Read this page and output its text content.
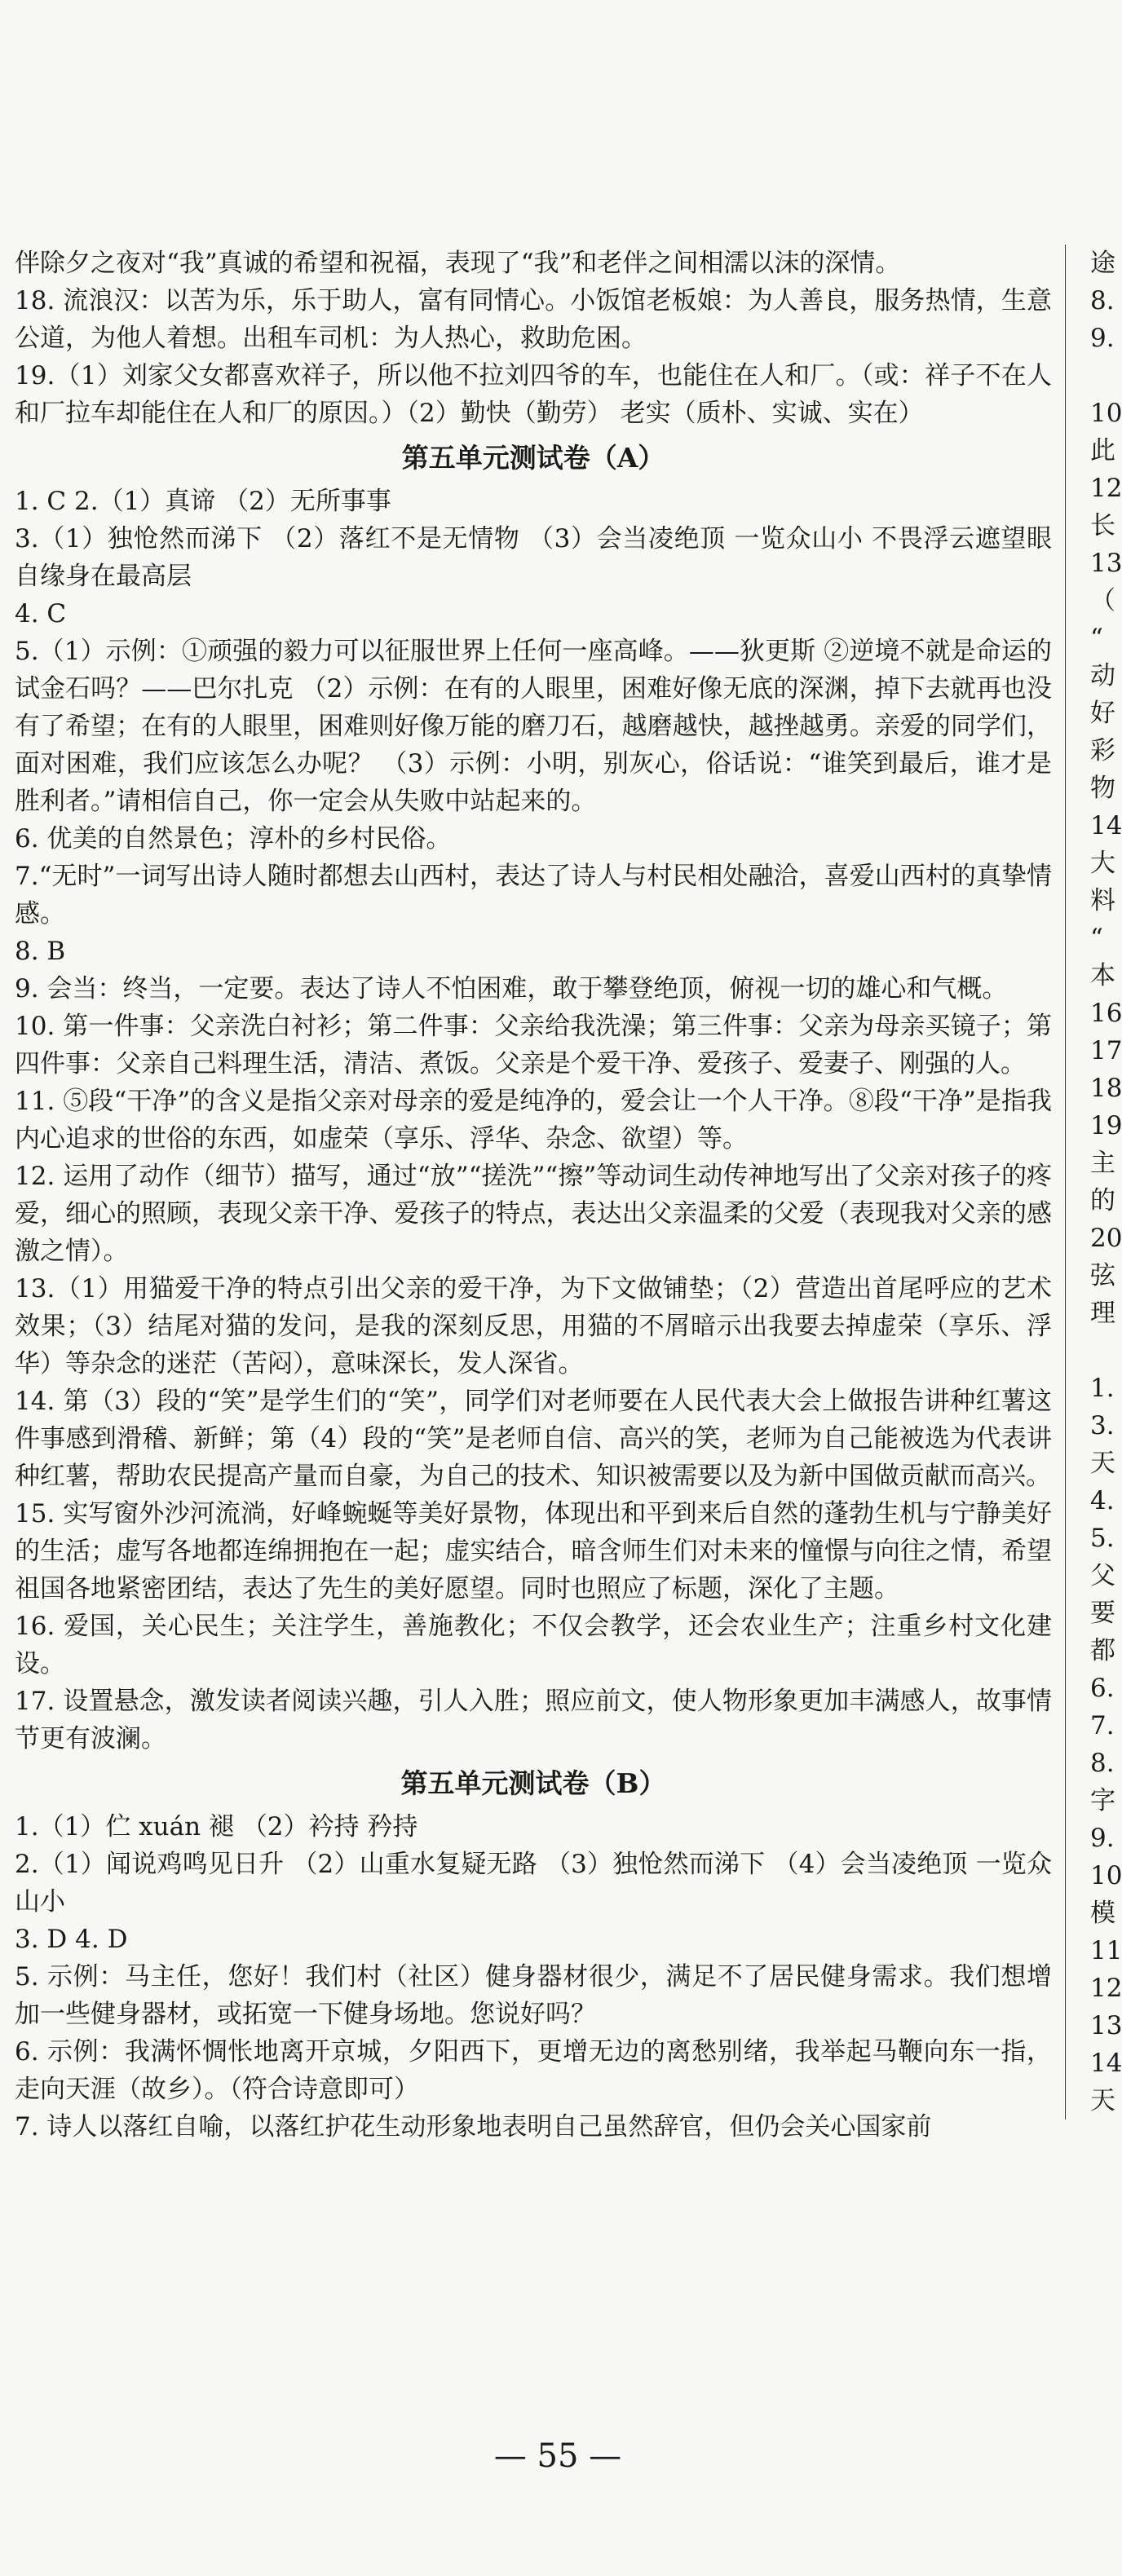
伴除夕之夜对“我”真诚的希望和祝福，表现了“我”和老伴之间相濡以沫的深情。

18. 流浪汉：以苦为乐，乐于助人，富有同情心。小饭馆老板娘：为人善良，服务热情，生意公道，为他人着想。出租车司机：为人热心，救助危困。

19.（1）刘家父女都喜欢祥子，所以他不拉刘四爷的车，也能住在人和厂。（或：祥子不在人和厂拉车却能住在人和厂的原因。）（2）勤快（勤劳） 老实（质朴、实诚、实在）

第五单元测试卷（A）

1. C 2.（1）真谛 （2）无所事事

3.（1）独怆然而涕下 （2）落红不是无情物 （3）会当凌绝顶 一览众山小 不畏浮云遮望眼 自缘身在最高层

4. C

5.（1）示例：①顽强的毅力可以征服世界上任何一座高峰。——狄更斯 ②逆境不就是命运的试金石吗？——巴尔扎克 （2）示例：在有的人眼里，困难好像无底的深渊，掉下去就再也没有了希望；在有的人眼里，困难则好像万能的磨刀石，越磨越快，越挫越勇。亲爱的同学们，面对困难，我们应该怎么办呢？ （3）示例：小明，别灰心，俗话说：“谁笑到最后，谁才是胜利者。”请相信自己，你一定会从失败中站起来的。

6. 优美的自然景色；淳朴的乡村民俗。

7.“无时”一词写出诗人随时都想去山西村，表达了诗人与村民相处融洽，喜爱山西村的真挚情感。

8. B

9. 会当：终当，一定要。表达了诗人不怕困难，敢于攀登绝顶，俯视一切的雄心和气概。

10. 第一件事：父亲洗白衬衫；第二件事：父亲给我洗澡；第三件事：父亲为母亲买镜子；第四件事：父亲自己料理生活，清洁、煮饭。父亲是个爱干净、爱孩子、爱妻子、刚强的人。

11. ⑤段“干净”的含义是指父亲对母亲的爱是纯净的，爱会让一个人干净。⑧段“干净”是指我内心追求的世俗的东西，如虚荣（享乐、浮华、杂念、欲望）等。

12. 运用了动作（细节）描写，通过“放”“搓洗”“擦”等动词生动传神地写出了父亲对孩子的疼爱，细心的照顾，表现父亲干净、爱孩子的特点，表达出父亲温柔的父爱（表现我对父亲的感激之情）。

13.（1）用猫爱干净的特点引出父亲的爱干净，为下文做铺垫；（2）营造出首尾呼应的艺术效果；（3）结尾对猫的发问，是我的深刻反思，用猫的不屑暗示出我要去掉虚荣（享乐、浮华）等杂念的迷茫（苦闷），意味深长，发人深省。

14. 第（3）段的“笑”是学生们的“笑”，同学们对老师要在人民代表大会上做报告讲种红薯这件事感到滑稽、新鲜；第（4）段的“笑”是老师自信、高兴的笑，老师为自己能被选为代表讲种红薯，帮助农民提高产量而自豪，为自己的技术、知识被需要以及为新中国做贡献而高兴。

15. 实写窗外沙河流淌，好峰蜿蜒等美好景物，体现出和平到来后自然的蓬勃生机与宁静美好的生活；虚写各地都连绵拥抱在一起；虚实结合，暗含师生们对未来的憧憬与向往之情，希望祖国各地紧密团结，表达了先生的美好愿望。同时也照应了标题，深化了主题。

16. 爱国，关心民生；关注学生，善施教化；不仅会教学，还会农业生产；注重乡村文化建设。

17. 设置悬念，激发读者阅读兴趣，引人入胜；照应前文，使人物形象更加丰满感人，故事情节更有波澜。

第五单元测试卷（B）

1.（1）伫 xuán 褪 （2）衿持 矜持

2.（1）闻说鸡鸣见日升 （2）山重水复疑无路 （3）独怆然而涕下 （4）会当凌绝顶 一览众山小

3. D 4. D

5. 示例：马主任，您好！我们村（社区）健身器材很少，满足不了居民健身需求。我们想增加一些健身器材，或拓宽一下健身场地。您说好吗？

6. 示例：我满怀惆怅地离开京城，夕阳西下，更增无边的离愁别绪，我举起马鞭向东一指，走向天涯（故乡）。（符合诗意即可）

7. 诗人以落红自喻，以落红护花生动形象地表明自己虽然辞官，但仍会关心国家前

途
8.
9.

10
此
12
长
13
（
“
动
好
彩
物
14
大
料
“
本
16
17
18
19
主
的
20
弦
理

1.
3.
天
4.
5.
父
要
都
6.
7.
8.
字
9.
10
模
11
12
13
14
天
— 55 —
